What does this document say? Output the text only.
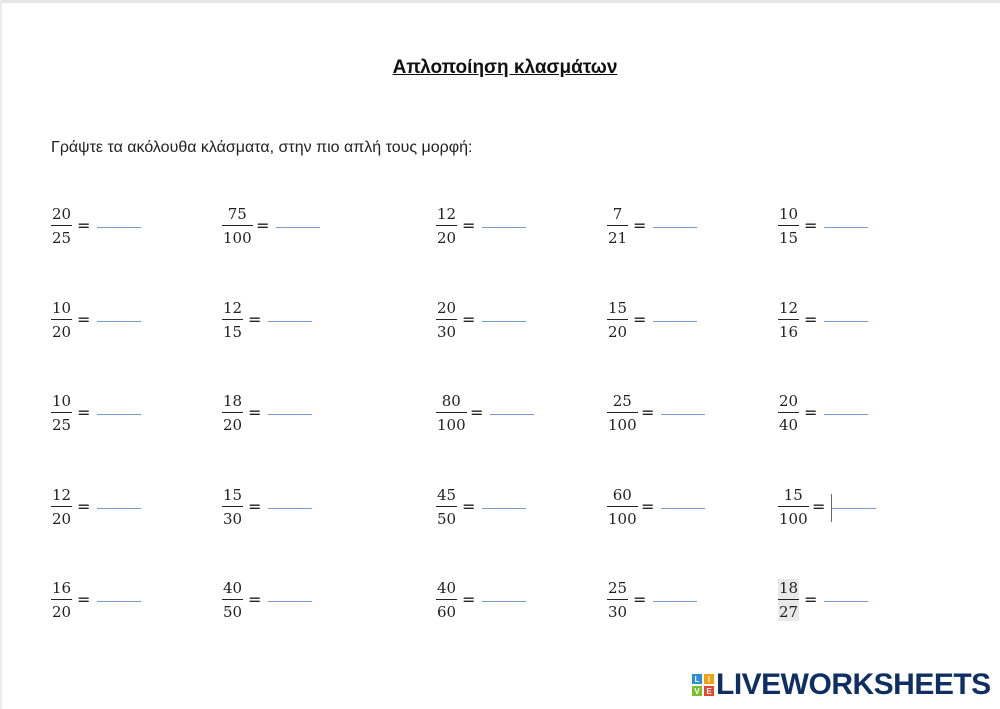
Απλοποίηση κλασμάτων
Γράψτε τα ακόλουθα κλάσματα, στην πιο απλή τους μορφή:
20
25
=
75
100
=
12
20
=
7
21
=
10
15
=
10
20
=
12
15
=
20
30
=
15
20
=
12
16
=
10
25
=
18
20
=
80
100
=
25
100
=
20
40
=
12
20
=
15
30
=
45
50
=
60
100
=
15
100
=
16
20
=
40
50
=
40
60
=
25
30
=
18
27
=
L	I
V E LIVEWORKSHEETS
